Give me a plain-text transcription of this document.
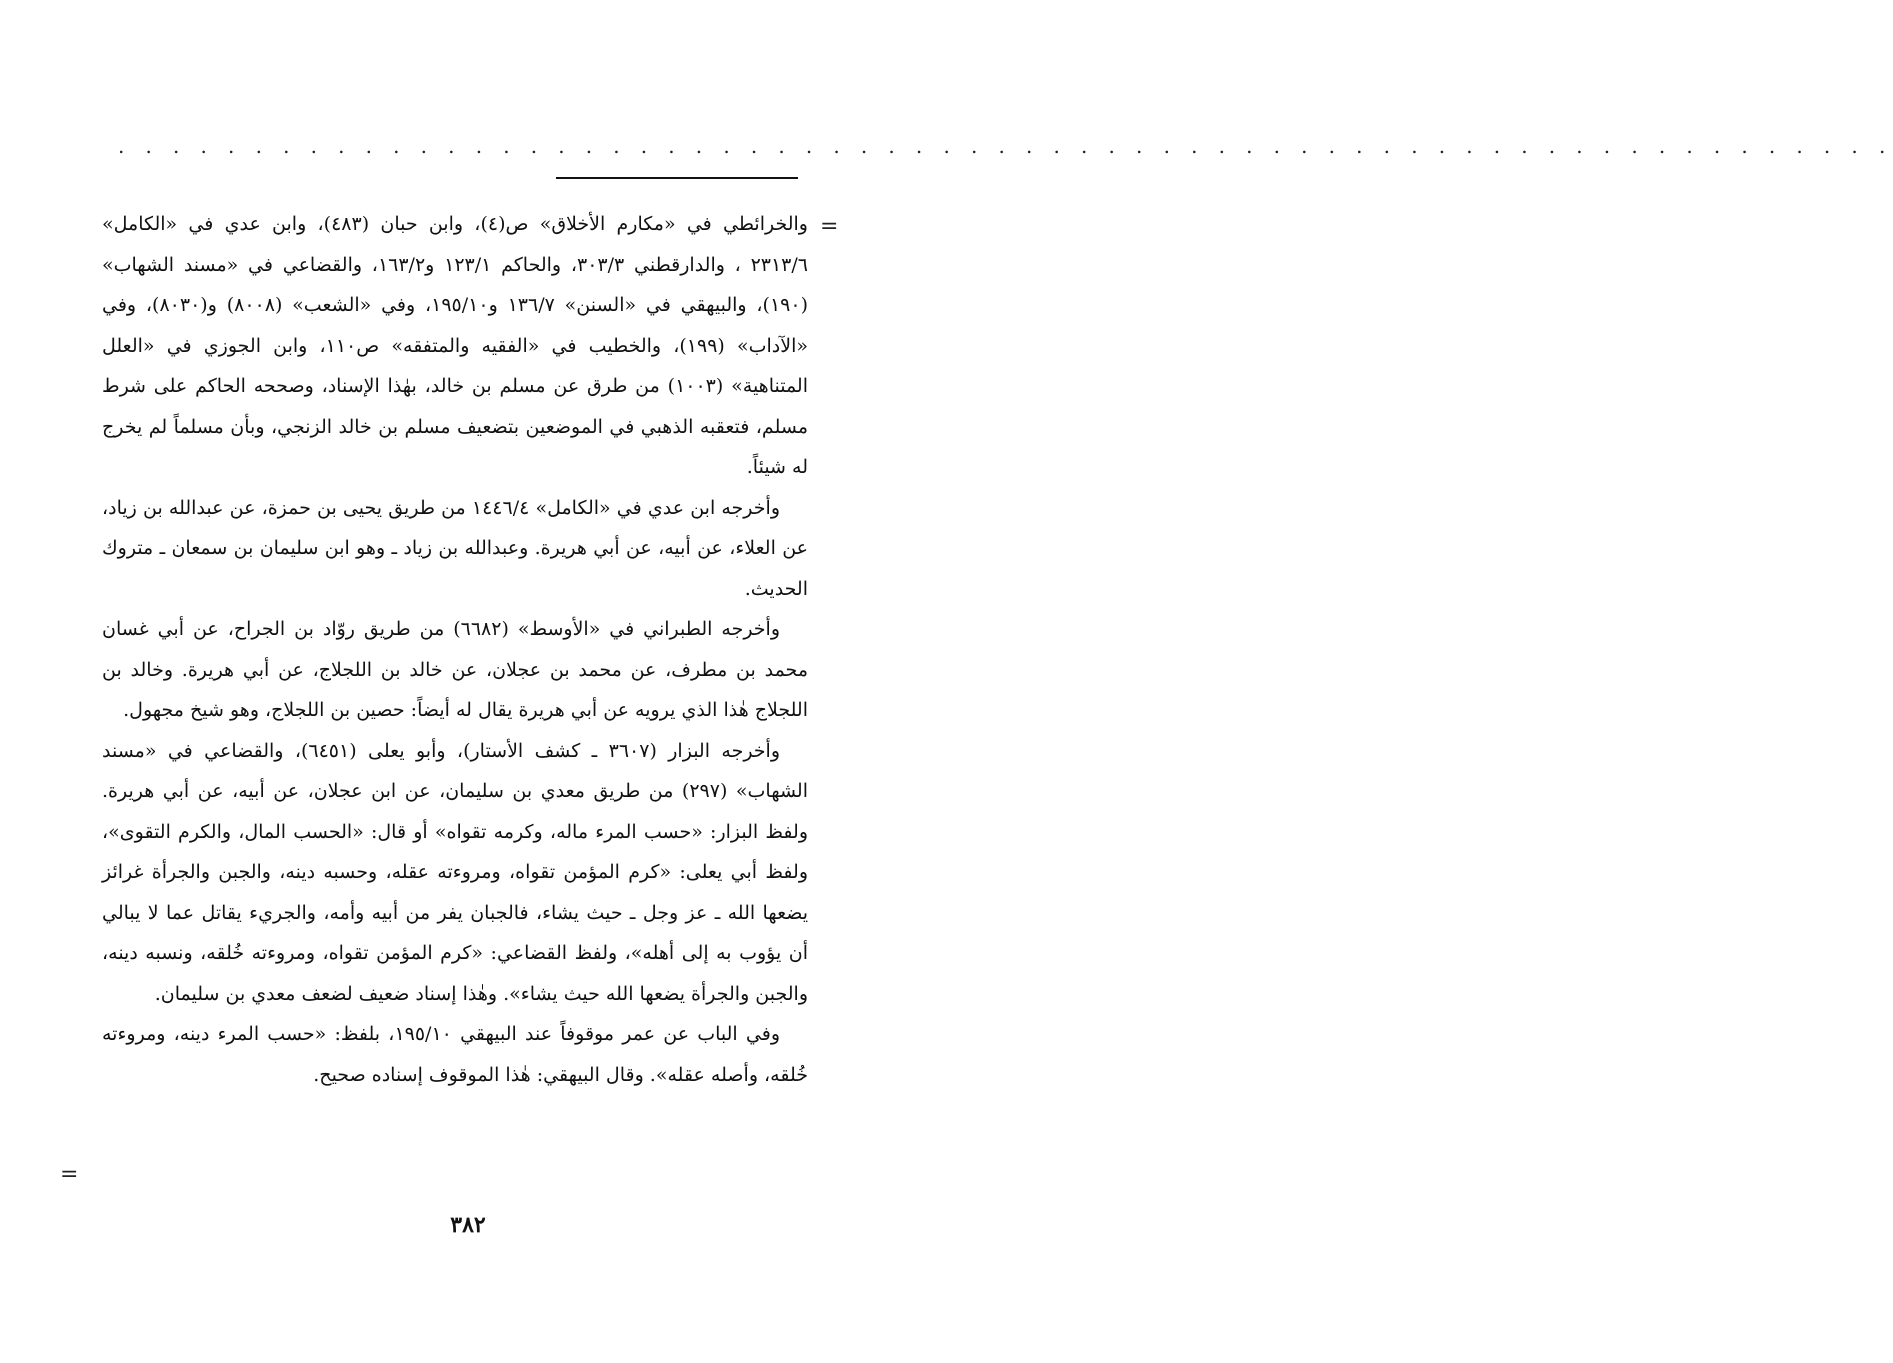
. . . . . . . . . . . . . . . . . . . . . . . . . . . . . . . . . . . . . . . . . . . . . . . . . . . . . . . . . . . . . . . . .
=

والخرائطي في «مكارم الأخلاق» ص(٤)، وابن حبان (٤٨٣)، وابن عدي في «الكامل» ٢٣١٣/٦ ، والدارقطني ٣٠٣/٣، والحاكم ١٢٣/١ و١٦٣/٢، والقضاعي في «مسند الشهاب» (١٩٠)، والبيهقي في «السنن» ١٣٦/٧ و١٩٥/١٠، وفي «الشعب» (٨٠٠٨) و(٨٠٣٠)، وفي «الآداب» (١٩٩)، والخطيب في «الفقيه والمتفقه» ص١١٠، وابن الجوزي في «العلل المتناهية» (١٠٠٣) من طرق عن مسلم بن خالد، بهٰذا الإسناد، وصححه الحاكم على شرط مسلم، فتعقبه الذهبي في الموضعين بتضعيف مسلم بن خالد الزنجي، وبأن مسلماً لم يخرج له شيئاً.

وأخرجه ابن عدي في «الكامل» ١٤٤٦/٤ من طريق يحيى بن حمزة، عن عبدالله بن زياد، عن العلاء، عن أبيه، عن أبي هريرة. وعبدالله بن زياد ـ وهو ابن سليمان بن سمعان ـ متروك الحديث.

وأخرجه الطبراني في «الأوسط» (٦٦٨٢) من طريق روّاد بن الجراح، عن أبي غسان محمد بن مطرف، عن محمد بن عجلان، عن خالد بن اللجلاج، عن أبي هريرة. وخالد بن اللجلاج هٰذا الذي يرويه عن أبي هريرة يقال له أيضاً: حصين بن اللجلاج، وهو شيخ مجهول.

وأخرجه البزار (٣٦٠٧ ـ كشف الأستار)، وأبو يعلى (٦٤٥١)، والقضاعي في «مسند الشهاب» (٢٩٧) من طريق معدي بن سليمان، عن ابن عجلان، عن أبيه، عن أبي هريرة. ولفظ البزار: «حسب المرء ماله، وكرمه تقواه» أو قال: «الحسب المال، والكرم التقوى»، ولفظ أبي يعلى: «كرم المؤمن تقواه، ومروءته عقله، وحسبه دينه، والجبن والجرأة غرائز يضعها الله ـ عز وجل ـ حيث يشاء، فالجبان يفر من أبيه وأمه، والجريء يقاتل عما لا يبالي أن يؤوب به إلى أهله»، ولفظ القضاعي: «كرم المؤمن تقواه، ومروءته خُلقه، ونسبه دينه، والجبن والجرأة يضعها الله حيث يشاء». وهٰذا إسناد ضعيف لضعف معدي بن سليمان.

وفي الباب عن عمر موقوفاً عند البيهقي ١٩٥/١٠، بلفظ: «حسب المرء دينه، ومروءته خُلقه، وأصله عقله». وقال البيهقي: هٰذا الموقوف إسناده صحيح.

=
٣٨٢
